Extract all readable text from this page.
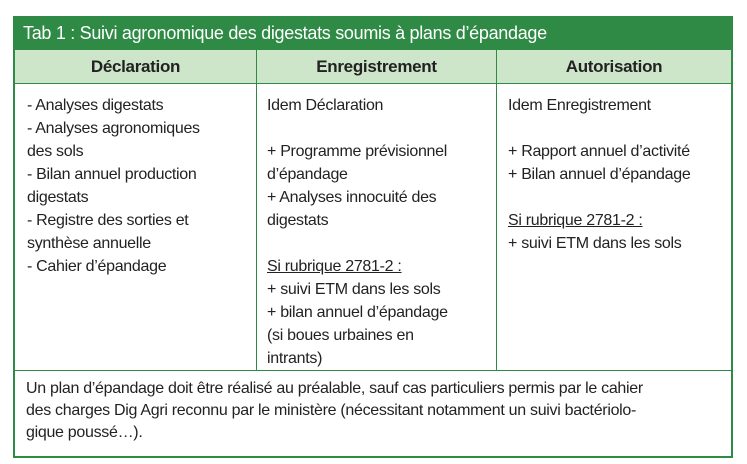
Tab 1 : Suivi agronomique des digestats soumis à plans d’épandage
Déclaration	Enregistrement	Autorisation
- Analyses digestats
- Analyses agronomiques
des sols
- Bilan annuel production
digestats
- Registre des sorties et
synthèse annuelle
- Cahier d’épandage
Idem Déclaration
+ Programme prévisionnel
d’épandage
+ Analyses innocuité des
digestats
Si rubrique 2781-2 :
+ suivi ETM dans les sols
+ bilan annuel d’épandage
(si boues urbaines en
intrants)
Idem Enregistrement
+ Rapport annuel d’activité
+ Bilan annuel d’épandage
Si rubrique 2781-2 :
+ suivi ETM dans les sols
Un plan d’épandage doit être réalisé au préalable, sauf cas particuliers permis par le cahier
des charges Dig Agri reconnu par le ministère (nécessitant notamment un suivi bactériolo-
gique poussé…).
